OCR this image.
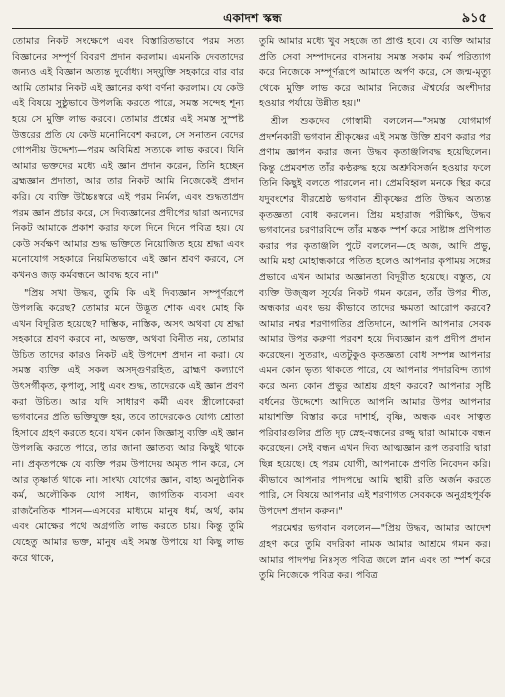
একাদশ স্কন্ধ	৯১৫

তোমার নিকট সংক্ষেপে এবং বিস্তারিতভাবে পরম সত্য বিজ্ঞানের সম্পূর্ণ বিবরণ প্রদান করলাম। এমনকি দেবতাদের জন্যও এই বিজ্ঞান অত্যন্ত দুর্বোধ্য। সদ্‌যুক্তি সহকারে বার বার আমি তোমার নিকট এই জ্ঞানের কথা বর্ণনা করলাম। যে কেউ এই বিষয়ে সুষ্ঠুভাবে উপলব্ধি করতে পারে, সমস্ত সন্দেহ শূন্য হয়ে সে মুক্তি লাভ করবে। তোমার প্রশ্নের এই সমস্ত সুস্পষ্ট উত্তরের প্রতি যে কেউ মনোনিবেশ করলে, সে সনাতন বেদের গোপনীয় উদ্দেশ্য—পরম অবিমিশ্র সত্যকে লাভ করবে। যিনি আমার ভক্তদের মধ্যে এই জ্ঞান প্রদান করেন, তিনি হচ্ছেন ব্রহ্মজ্ঞান প্রদাতা, আর তার নিকট আমি নিজেকেই প্রদান করি। যে ব্যক্তি উচ্চৈঃস্বরে এই পরম নির্মল, এবং শুদ্ধতাপ্রদ পরম জ্ঞান প্রচার করে, সে দিব্যজ্ঞানের প্রদীপের দ্বারা অন্যদের নিকট আমাকে প্রকাশ করার ফলে দিনে দিনে পবিত্র হয়। যে কেউ সর্বক্ষণ আমার শুদ্ধ ভক্তিতে নিয়োজিত হয়ে শ্রদ্ধা এবং মনোযোগ সহকারে নিয়মিতভাবে এই জ্ঞান শ্রবণ করবে, সে কখনও জড় কর্মবন্ধনে আবদ্ধ হবে না।"

"প্রিয় সখা উদ্ধব, তুমি কি এই দিব্যজ্ঞান সম্পূর্ণরূপে উপলব্ধি করেছ? তোমার মনে উদ্ভূত শোক এবং মোহ কি এখন বিদূরিত হয়েছে? দাম্ভিক, নাস্তিক, অসৎ অথবা যে শ্রদ্ধা সহকারে শ্রবণ করবে না, অভক্ত, অথবা বিনীত নয়, তোমার উচিত তাদের কারও নিকট এই উপদেশ প্রদান না করা। যে সমস্ত ব্যক্তি এই সকল অসদ্‌গুণরহিত, ব্রাহ্মণ কল্যাণে উৎসর্গীকৃত, কৃপালু, সাধু এবং শুদ্ধ, তাদেরকে এই জ্ঞান প্রবণ করা উচিত। আর যদি সাধারণ কর্মী এবং স্ত্রীলোকেরা ভগবানের প্রতি ভক্তিযুক্ত হয়, তবে তাদেরকেও যোগ্য শ্রোতা হিসাবে গ্রহণ করতে হবে। যখন কোন জিজ্ঞাসু ব্যক্তি এই জ্ঞান উপলব্ধি করতে পারে, তার জানা জ্ঞাতব্য আর কিছুই থাকে না। প্রকৃতপক্ষে যে ব্যক্তি পরম উপাদেয় অমৃত পান করে, সে আর তৃষ্ণার্ত থাকে না। সাংখ্য যোগের জ্ঞান, বাহ্য অনুষ্ঠানিক কর্ম, অলৌকিক যোগ সাধন, জাগতিক ব্যবসা এবং রাজনৈতিক শাসন—এসবের মাধ্যমে মানুষ ধর্ম, অর্থ, কাম এবং মোক্ষের পথে অগ্রগতি লাভ করতে চায়। কিন্তু তুমি যেহেতু আমার ভক্ত, মানুষ এই সমস্ত উপায়ে যা কিছু লাভ করে থাকে,

তুমি আমার মধ্যে খুব সহজে তা প্রাপ্ত হবে। যে ব্যক্তি আমার প্রতি সেবা সম্পাদনের বাসনায় সমস্ত সকাম কর্ম পরিত্যাগ করে নিজেকে সম্পূর্ণরূপে আমাতে অর্পণ করে, সে জন্ম-মৃত্যু থেকে মুক্তি লাভ করে আমার নিজের ঐশ্বর্যের অংশীদার হওয়ার পর্যায়ে উন্নীত হয়।"

শ্রীল শুকদেব গোস্বামী বললেন—"সমস্ত যোগমার্গ প্রদর্শনকারী ভগবান শ্রীকৃষ্ণের এই সমস্ত উক্তি শ্রবণ করার পর প্রণাম জ্ঞাপন করার জন্য উদ্ধব কৃতাঞ্জলিবদ্ধ হয়েছিলেন। কিন্তু প্রেমবশত তাঁর কণ্ঠরুদ্ধ হয়ে অশ্রুবিসর্জন হওয়ার ফলে তিনি কিছুই বলতে পারলেন না। প্রেমবিহ্বল মনকে স্থির করে যদুবংশের বীরশ্রেষ্ঠ ভগবান শ্রীকৃষ্ণের প্রতি উদ্ধব অত্যন্ত কৃতজ্ঞতা বোধ করলেন। প্রিয় মহারাজ পরীক্ষিৎ, উদ্ধব ভগবানের চরণারবিন্দে তাঁর মস্তক স্পর্শ করে সাষ্টাঙ্গ প্রণিপাত করার পর কৃতাঞ্জলি পুটে বললেন—হে অজ, আদি প্রভু, আমি মহা মোহান্ধকারে পতিত হলেও আপনার কৃপাময় সঙ্গের প্রভাবে এখন আমার অজ্ঞানতা বিদূরীত হয়েছে। বস্তুত, যে ব্যক্তি উজ্জ্বল সূর্যের নিকট গমন করেন, তাঁর উপর শীত, অন্ধকার এবং ভয় কীভাবে তাদের ক্ষমতা আরোপ করবে? আমার নশ্বর শরণাগতির প্রতিদানে, আপনি আপনার সেবক আমার উপর করুণা পরবশ হয়ে দিব্যজ্ঞান রূপ প্রদীপ প্রদান করেছেন। সুতরাং, এতটুকুও কৃতজ্ঞতা বোধ সম্পন্ন আপনার এমন কোন ভৃত্য থাকতে পারে, যে আপনার পদারবিন্দ ত্যাগ করে অন্য কোন প্রভুর আশ্রয় গ্রহণ করবে? আপনার সৃষ্টি বর্ধনের উদ্দেশ্যে আদিতে আপনি আমার উপর আপনার মায়াশক্তি বিস্তার করে দাশার্হ, বৃষ্ণি, অন্ধক এবং সাত্বত পরিবারগুলির প্রতি দৃঢ় স্নেহ-বন্ধনের রজ্জু দ্বারা আমাকে বন্ধন করেছেন। সেই বন্ধন এখন দিব্য আত্মজ্ঞান রূপ তরবারি দ্বারা ছিন্ন হয়েছে। হে পরম যোগী, আপনাকে প্রণতি নিবেদন করি। কীভাবে আপনার পাদপদ্মে আমি স্থায়ী রতি অর্জন করতে পারি, সে বিষয়ে আপনার এই শরণাগত সেবককে অনুগ্রহপূর্বক উপদেশ প্রদান করুন।"

পরমেশ্বর ভগবান বললেন—"প্রিয় উদ্ধব, আমার আদেশ গ্রহণ করে তুমি বদরিকা নামক আমার আশ্রমে গমন কর। আমার পাদপদ্ম নিঃসৃত পবিত্র জলে স্নান এবং তা স্পর্শ করে তুমি নিজেকে পবিত্র কর। পবিত্র
